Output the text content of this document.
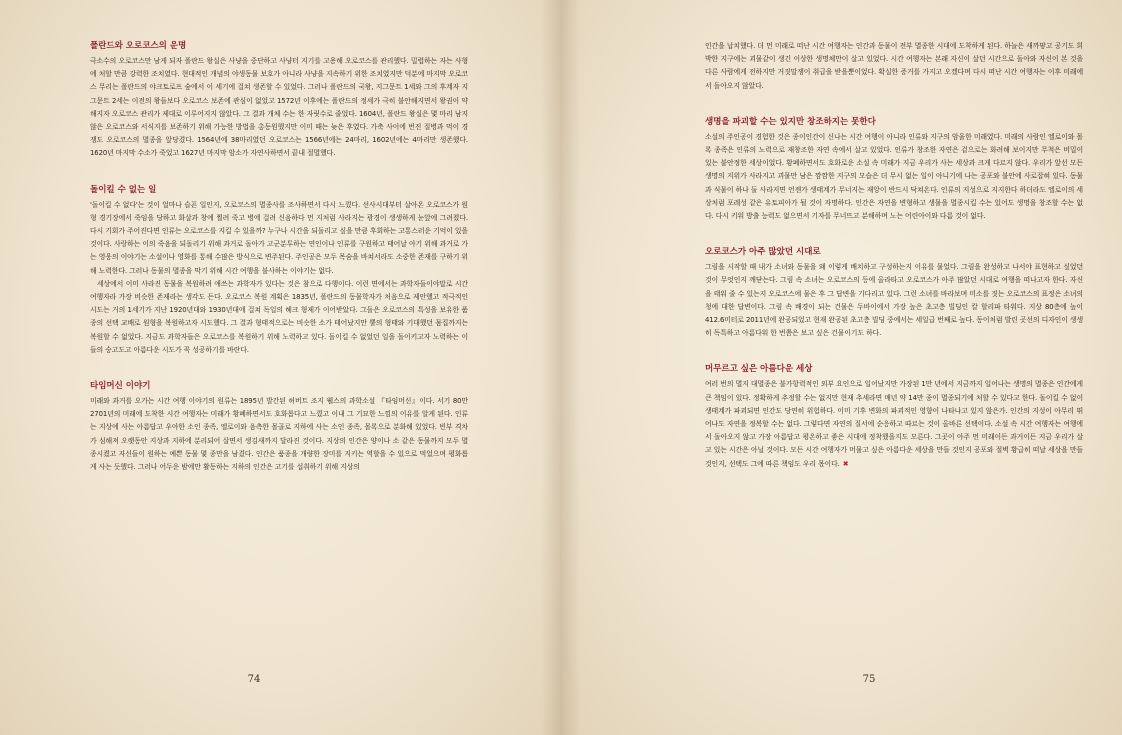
폴란드와 오로코스의 운명

극소수의 오로코스만 남게 되자 폴란드 왕실은 사냥을 중단하고 사냥터 지기를 고용해 오로코스를 관리했다. 밀렵하는 자는 사형에 처할 만큼 강력한 조치였다. 현대적인 개념의 야생동물 보호가 아니라 사냥을 지속하기 위한 조치였지만 덕분에 마지막 오로코스 무리는 폴란드의 야크토로프 숲에서 이 세기에 걸쳐 생존할 수 있었다. 그러나 폴란드의 국왕, 지그문트 1세와 그의 후계자 지그문트 2세는 이전의 왕들보다 오로코스 보존에 관심이 없었고 1572년 이후에는 폴란드의 정세가 극히 불안해지면서 왕권이 약해지자 오로코스 관리가 제대로 이루어지지 않았다. 그 결과 개체 수는 한 자릿수로 줄었다. 1604년, 폴란드 왕실은 몇 마리 남지 않은 오로코스와 서식지를 보존하기 위해 가능한 방법을 총동원했지만 이미 때는 늦은 후였다. 가축 사이에 번진 질병과 먹이 경쟁도 오로코스의 멸종을 앞당겼다. 1564년에 38마리였던 오로코스는 1566년에는 24마리, 1602년에는 4마리만 생존했다. 1620년 마지막 수소가 죽었고 1627년 마지막 암소가 자연사하면서 끝내 절멸했다.

돌이킬 수 없는 일

'돌이킬 수 없다'는 것이 얼마나 슬픈 일인지, 오로코스의 멸종사를 조사하면서 다시 느꼈다. 선사시대부터 살아온 오로코스가 원형 경기장에서 죽임을 당하고 화살과 창에 찔려 죽고 병에 걸려 신음하다 먼 지처럼 사라지는 광경이 생생하게 눈앞에 그려졌다. 다시 기회가 주어진다면 인류는 오로코스를 지킬 수 있을까? 누구나 시간을 되돌리고 싶을 만큼 후회하는 고통스러운 기억이 있을 것이다. 사랑하는 이의 죽음을 되돌리기 위해 과거로 돌아가 고군분투하는 연인이나 인류를 구원하고 태어날 아기 위해 과거로 가는 영웅의 이야기는 소설이나 영화를 통해 수많은 방식으로 변주된다. 주인공은 모두 목숨을 바쳐서라도 소중한 존재를 구하기 위해 노력한다. 그러나 동물의 멸종을 막기 위해 시간 여행을 불사하는 이야기는 없다.

세상에서 이미 사라진 동물을 복원하려 애쓰는 과학자가 있다는 것은 참으로 다행이다. 이런 면에서는 과학자들이야말로 시간 여행자라 가장 비슷한 존재라는 생각도 든다. 오로코스 복원 계획은 1835년, 폴란드의 동물학자가 처음으로 제안했고 적극적인 시도는 거의 1세기가 지난 1920년대와 1930년대에 걸쳐 독일의 헤크 형제가 이어받았다. 그들은 오로코스의 특성을 보유한 품종의 선택 교배로 원형을 복원하고자 시도했다. 그 결과 형태적으로는 비슷한 소가 태어났지만 뿔의 형태와 기대했던 몸집까지는 복원할 수 없었다. 지금도 과학자들은 오로코스를 복원하기 위해 노력하고 있다. 돌이킬 수 없었던 일을 돌이키고자 노력하는 이들의 숭고도고 아름다운 시도가 꼭 성공하기를 바란다.

타임머신 이야기

미래와 과거를 오가는 시간 여행 이야기의 원류는 1895년 발간된 허버트 조지 웰스의 과학소설 『타임머신』이다. 서기 80만 2701년의 미래에 도착한 시간 여행자는 미래가 황폐하면서도 호화롭다고 느꼈고 이내 그 기묘한 느낌의 이유를 알게 된다. 인류는 지상에 사는 아름답고 우아한 소인 종족, 엘로이와 음측한 몰골로 지하에 사는 소인 종족, 몰록으로 분화해 있었다. 빈부 격차가 심해져 오랫동안 지상과 지하에 분리되어 살면서 생김새까지 달라진 것이다. 지상의 인간은 양이나 소 같은 동물까지 모두 멸종시켰고 자신들이 원하는 예쁜 동물 몇 종만을 남겼다. 인간은 품종을 개량한 장미를 지키는 역할을 수 있으로 먹었으며 평화롭게 사는 듯했다. 그러나 어두운 밤에만 활동하는 지하의 인간은 고기를 섭취하기 위해 지상의

74

인간을 납치했다. 더 먼 미래로 떠난 시간 여행자는 인간과 동물이 전부 멸종한 시대에 도착하게 된다. 하늘은 새까맣고 공기도 희박한 지구에는 괴물같이 생긴 이상한 생명체만이 살고 있었다. 시간 여행자는 본래 자신이 살던 시간으로 돌아와 자신이 본 것을 다른 사람에게 전하지만 거짓말쟁이 취급을 받을뿐이었다. 확실한 증거를 가지고 오겠다며 다시 떠난 시간 여행자는 이후 미래에서 돌아오지 않았다.

생명을 파괴할 수는 있지만 창조하지는 못한다

소설의 주인공이 경험한 것은 종이인간이 신나는 시간 여행이 아니라 인류와 지구의 암울한 미래였다. 미래의 사람인 엘로이와 몰록 종족은 인류의 노력으로 재창조한 자연 속에서 살고 있었다. 인류가 창조한 자연은 겉으로는 화려해 보이지만 무척은 비밀이 있는 불안정한 세상이었다. 황폐하면서도 호화로운 소설 속 미래가 지금 우리가 사는 세상과 크게 다르지 않다. 우리가 앞선 모든 생명의 지위가 사라지고 괴물만 남은 깜깜한 지구의 모습은 더 무시 없는 일이 아니기에 나는 공포와 불안에 사로잡혀 있다. 동물과 식물이 하나 둘 사라지면 언젠가 생태계가 무너지는 재앙이 반드시 닥쳐온다. 인류의 지성으로 지지한다 하더라도 엘로이의 세상처럼 포레성 같은 유토피아가 될 것이 자명하다. 인간은 자연을 변형하고 생물을 멸종시킬 수는 있어도 생명을 창조할 수는 없다. 다시 키워 방출 능력도 없으면서 기자를 무너뜨고 분해하며 노는 어린아이와 다름 것이 없다.

오로코스가 아주 많았던 시대로

그림을 시작할 때 내가 소녀와 동물을 왜 이렇게 배치하고 구성하는지 이유를 물었다. 그림을 완성하고 나서야 표현하고 싶었던 것이 무엇인지 깨닫는다. 그림 속 소녀는 오로코스의 등에 올라타고 오로코스가 아주 많았던 시대로 여행을 떠나고자 한다. 자신을 태워 줄 수 있는지 오로코스에 물은 후 그 답변을 기다리고 있다. 그런 소녀를 바라보며 미소를 짓는 오로코스의 표정은 소녀의 청에 대한 답변이다. 그림 속 배경이 되는 건물은 두바이에서 가장 높은 초고층 빌딩인 칼 할리파 타워다. 지상 80층에 높이 412.6미터로 2011년에 완공되었고 현재 완공된 초고층 빌딩 중에서는 세일급 번째로 높다. 동이처럼 발린 곳선의 디자인이 생생히 독특하고 아름다워 한 번쯤은 보고 싶은 건물이기도 하다.

머무르고 싶은 아름다운 세상

여러 번의 멸지 대멸종은 불가항력적인 외부 요인으로 일어났지만 가장된 1만 년에서 지금까지 일어나는 생명의 멸종은 인간에게 큰 책임이 있다. 정확하게 추정할 수는 없지만 현재 추세라면 매년 약 14만 종이 멸종되기에 처할 수 있다고 한다. 돌이킬 수 없이 생태계가 파괴되면 인간도 당연히 위험하다. 이미 기후 변화의 파괴적인 영향이 나타나고 있지 않은가. 인간의 지성이 아무리 뛰어나도 자연을 정복할 수는 없다. 그렇다면 자연의 질서에 순응하고 따르는 것이 올바른 선택이다. 소설 속 시간 여행자는 여행에서 돌아오지 않고 가장 아름답고 평온하고 좋은 시대에 정착했을지도 모른다. 그곳이 아주 먼 미래이든 과거이든 지금 우리가 살고 있는 시간은 아닐 것이다. 모든 시간 여행자가 머물고 싶은 아름다운 세상을 만들 것인지 공포와 절벽 황급히 떠날 세상을 만들 것인지, 선택도 그에 따른 책임도 우리 몫이다. ✖

75
